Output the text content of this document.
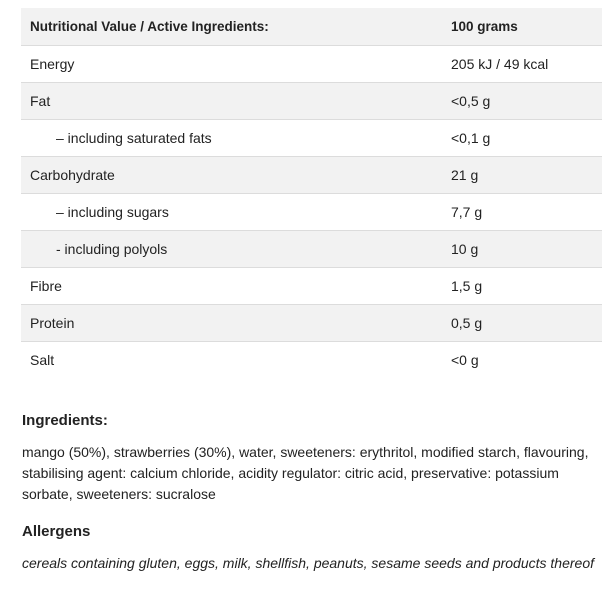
Nutritional Value / Active Ingredients:	100 grams
Energy	205 kJ / 49 kcal
Fat	<0,5 g
– including saturated fats	<0,1 g
Carbohydrate	21 g
– including sugars	7,7 g
- including polyols	10 g
Fibre	1,5 g
Protein	0,5 g
Salt	<0 g
Ingredients:

mango (50%), strawberries (30%), water, sweeteners: erythritol, modified starch, flavouring, stabilising agent: calcium chloride, acidity regulator: citric acid, preservative: potassium sorbate, sweeteners: sucralose

Allergens

cereals containing gluten, eggs, milk, shellfish, peanuts, sesame seeds and products thereof
